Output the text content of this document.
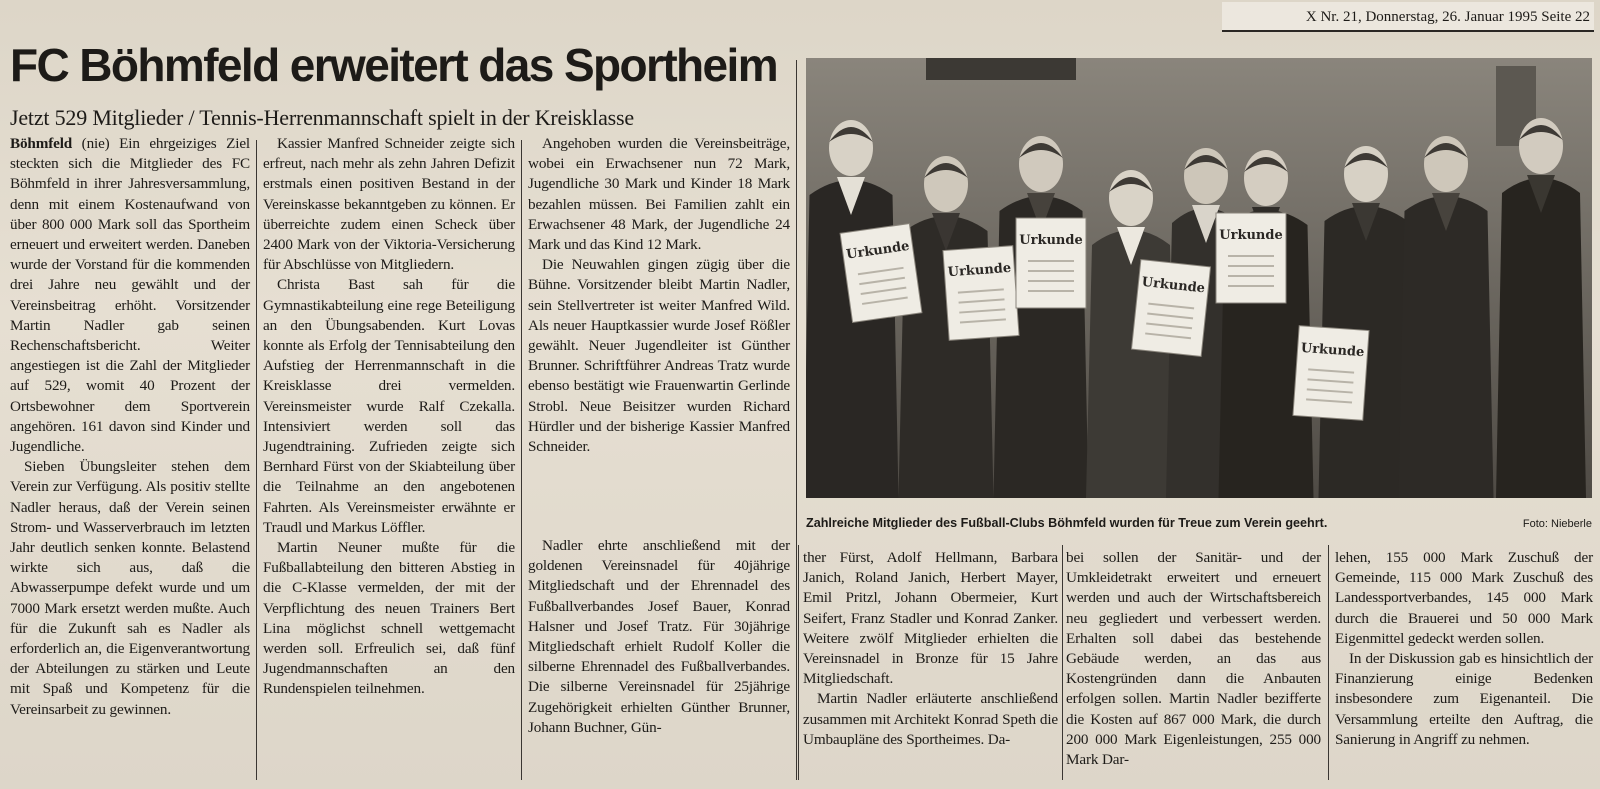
X Nr. 21, Donnerstag, 26. Januar 1995 Seite 22
FC Böhmfeld erweitert das Sportheim
Jetzt 529 Mitglieder / Tennis-Herrenmannschaft spielt in der Kreisklasse

Böhmfeld (nie) Ein ehrgeiziges Ziel steckten sich die Mitglieder des FC Böhmfeld in ihrer Jahresversammlung, denn mit einem Kostenaufwand von über 800 000 Mark soll das Sportheim erneuert und erweitert werden. Daneben wurde der Vorstand für die kommenden drei Jahre neu gewählt und der Vereinsbeitrag erhöht. Vorsitzender Martin Nadler gab seinen Rechenschaftsbericht. Weiter angestiegen ist die Zahl der Mitglieder auf 529, womit 40 Prozent der Ortsbewohner dem Sportverein angehören. 161 davon sind Kinder und Jugendliche.

Sieben Übungsleiter stehen dem Verein zur Verfügung. Als positiv stellte Nadler heraus, daß der Verein seinen Strom- und Wasserverbrauch im letzten Jahr deutlich senken konnte. Belastend wirkte sich aus, daß die Abwasserpumpe defekt wurde und um 7000 Mark ersetzt werden mußte. Auch für die Zukunft sah es Nadler als erforderlich an, die Eigenverantwortung der Abteilungen zu stärken und Leute mit Spaß und Kompetenz für die Vereinsarbeit zu gewinnen.

Kassier Manfred Schneider zeigte sich erfreut, nach mehr als zehn Jahren Defizit erstmals einen positiven Bestand in der Vereinskasse bekanntgeben zu können. Er überreichte zudem einen Scheck über 2400 Mark von der Viktoria-Versicherung für Abschlüsse von Mitgliedern.

Christa Bast sah für die Gymnastikabteilung eine rege Beteiligung an den Übungsabenden. Kurt Lovas konnte als Erfolg der Tennisabteilung den Aufstieg der Herrenmannschaft in die Kreisklasse drei vermelden. Vereinsmeister wurde Ralf Czekalla. Intensiviert werden soll das Jugendtraining. Zufrieden zeigte sich Bernhard Fürst von der Skiabteilung über die Teilnahme an den angebotenen Fahrten. Als Vereinsmeister erwähnte er Traudl und Markus Löffler.

Martin Neuner mußte für die Fußballabteilung den bitteren Abstieg in die C-Klasse vermelden, der mit der Verpflichtung des neuen Trainers Bert Lina möglichst schnell wettgemacht werden soll. Erfreulich sei, daß fünf Jugendmannschaften an den Rundenspielen teilnehmen.

Angehoben wurden die Vereinsbeiträge, wobei ein Erwachsener nun 72 Mark, Jugendliche 30 Mark und Kinder 18 Mark bezahlen müssen. Bei Familien zahlt ein Erwachsener 48 Mark, der Jugendliche 24 Mark und das Kind 12 Mark.

Die Neuwahlen gingen zügig über die Bühne. Vorsitzender bleibt Martin Nadler, sein Stellvertreter ist weiter Manfred Wild. Als neuer Hauptkassier wurde Josef Rößler gewählt. Neuer Jugendleiter ist Günther Brunner. Schriftführer Andreas Tratz wurde ebenso bestätigt wie Frauenwartin Gerlinde Strobl. Neue Beisitzer wurden Richard Hürdler und der bisherige Kassier Manfred Schneider.

Nadler ehrte anschließend mit der goldenen Vereinsnadel für 40jährige Mitgliedschaft und der Ehrennadel des Fußballverbandes Josef Bauer, Konrad Halsner und Josef Tratz. Für 30jährige Mitgliedschaft erhielt Rudolf Koller die silberne Ehrennadel des Fußballverbandes. Die silberne Vereinsnadel für 25jährige Zugehörigkeit erhielten Günther Brunner, Johann Buchner, Gün-

Urkunde
Urkunde
Urkunde
Urkunde
Urkunde
Urkunde
Zahlreiche Mitglieder des Fußball-Clubs Böhmfeld wurden für Treue zum Verein geehrt.	Foto: Nieberle

ther Fürst, Adolf Hellmann, Barbara Janich, Roland Janich, Herbert Mayer, Emil Pritzl, Johann Obermeier, Kurt Seifert, Franz Stadler und Konrad Zanker. Weitere zwölf Mitglieder erhielten die Vereinsnadel in Bronze für 15 Jahre Mitgliedschaft.

Martin Nadler erläuterte anschließend zusammen mit Architekt Konrad Speth die Umbaupläne des Sportheimes. Da-

bei sollen der Sanitär- und der Umkleidetrakt erweitert und erneuert werden und auch der Wirtschaftsbereich neu gegliedert und verbessert werden. Erhalten soll dabei das bestehende Gebäude werden, an das aus Kostengründen dann die Anbauten erfolgen sollen. Martin Nadler bezifferte die Kosten auf 867 000 Mark, die durch 200 000 Mark Eigenleistungen, 255 000 Mark Dar-

lehen, 155 000 Mark Zuschuß der Gemeinde, 115 000 Mark Zuschuß des Landessportverbandes, 145 000 Mark durch die Brauerei und 50 000 Mark Eigenmittel gedeckt werden sollen.

In der Diskussion gab es hinsichtlich der Finanzierung einige Bedenken insbesondere zum Eigenanteil. Die Versammlung erteilte den Auftrag, die Sanierung in Angriff zu nehmen.
